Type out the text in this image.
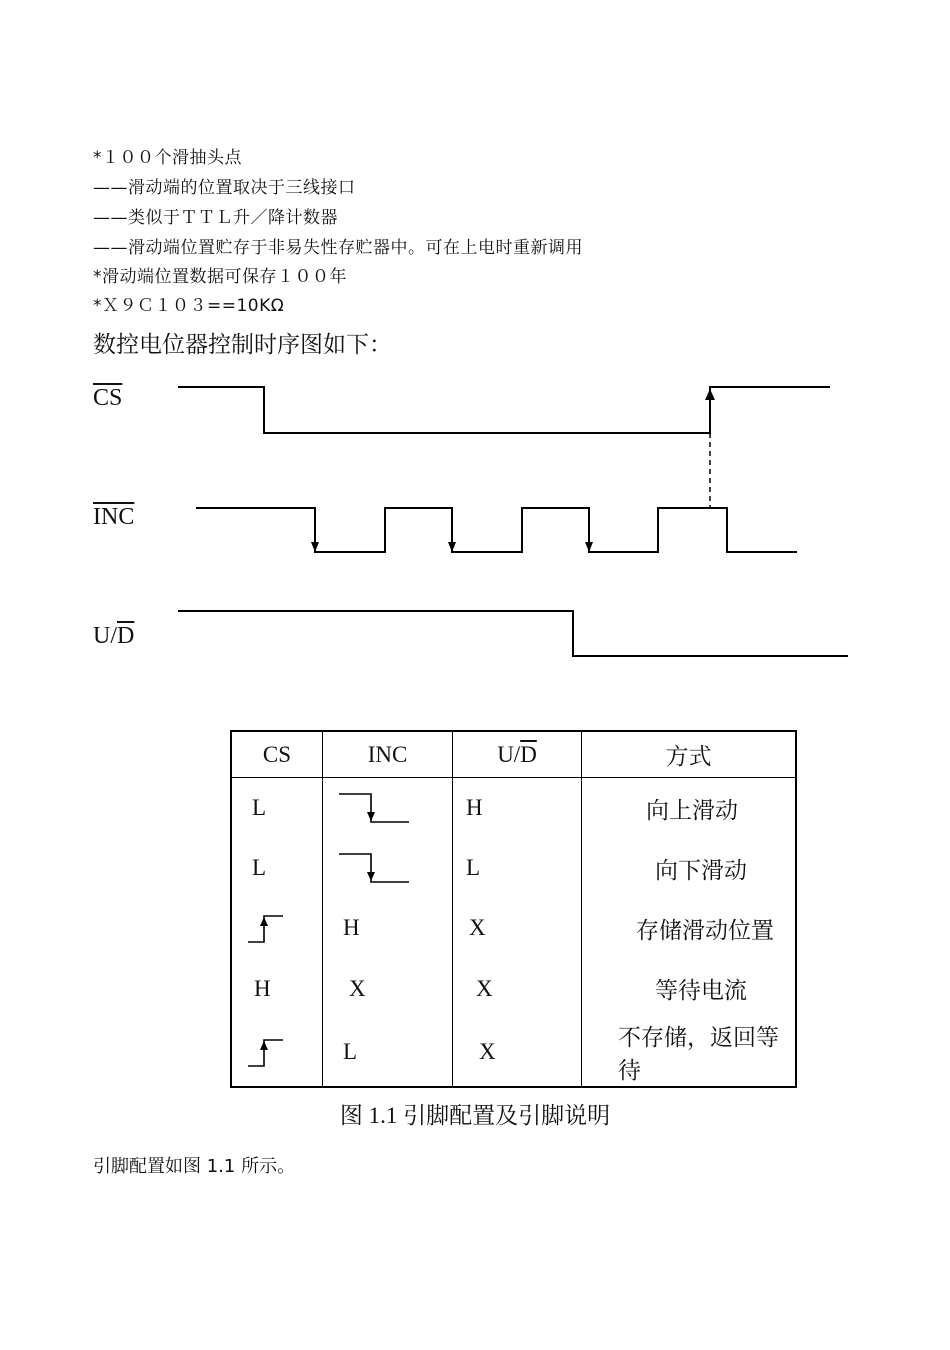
*１００个滑抽头点
——滑动端的位置取决于三线接口
——类似于ＴＴＬ升／降计数器
——滑动端位置贮存于非易失性存贮器中。可在上电时重新调用
*滑动端位置数据可保存１００年
*Ｘ９Ｃ１０３==10KΩ
数控电位器控制时序图如下：
$\overline{CS}$
$\overline{INC}$
$U/\overline{D}$
CS	INC	$U/\overline{D}$	方式
L		H	向上滑动
L		L	向下滑动

	H	X	存储滑动位置
H	X	X	等待电流

	L	X	不存储，返回等待
图 1.1 引脚配置及引脚说明
引脚配置如图 1.1 所示。
